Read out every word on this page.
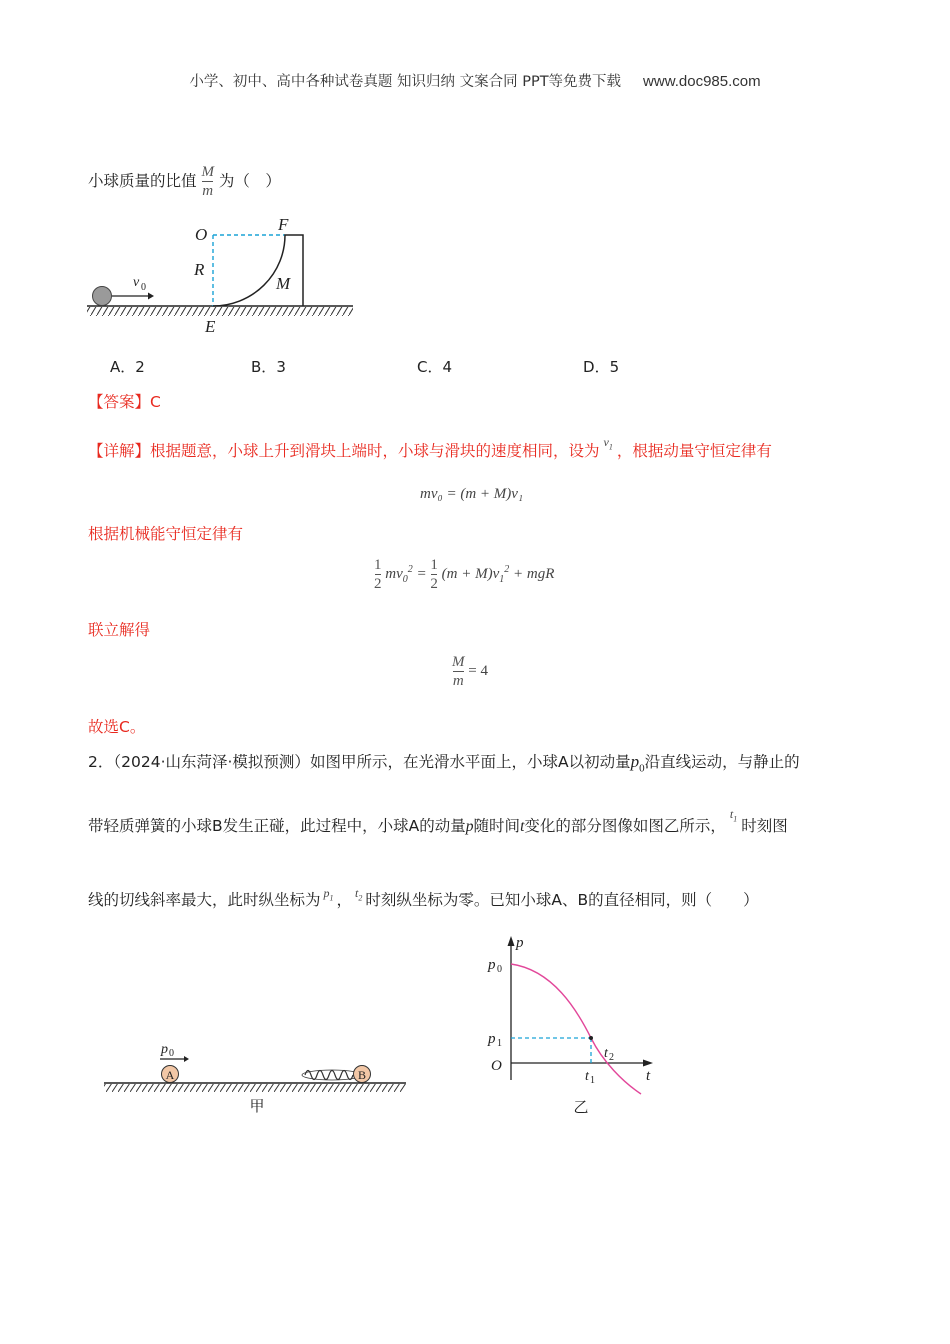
小学、初中、高中各种试卷真题 知识归纳 文案合同 PPT等免费下载 www.doc985.com
小球质量的比值 $\frac{M}{m}$ 为（　）
O
F
R
M
E
v 0
A．2	B．3	C．4	D．5
【答案】C
【详解】根据题意，小球上升到滑块上端时，小球与滑块的速度相同，设为 $^{v_1}$ ，根据动量守恒定律有
mv₀ = (m + M)v₁
根据机械能守恒定律有
$\frac{1}{2} mv_0^2 = \frac{1}{2} (m + M)v_1^2$ + mgR
联立解得
$\frac{M}{m} = 4$
故选C。
2．（2024·山东菏泽·模拟预测）如图甲所示，在光滑水平面上，小球A以初动量$p_0$沿直线运动，与静止的
带轻质弹簧的小球B发生正碰，此过程中，小球A的动量p随时间t变化的部分图像如图乙所示，$^{t_1}$ 时刻图
线的切线斜率最大，此时纵坐标为 $^{p_1}$ ， $^{t_2}$ 时刻纵坐标为零。已知小球A、B的直径相同，则（　　）
p 0
A	B
甲
p
p 0
p 1
O
t
t 1
t 2
乙
